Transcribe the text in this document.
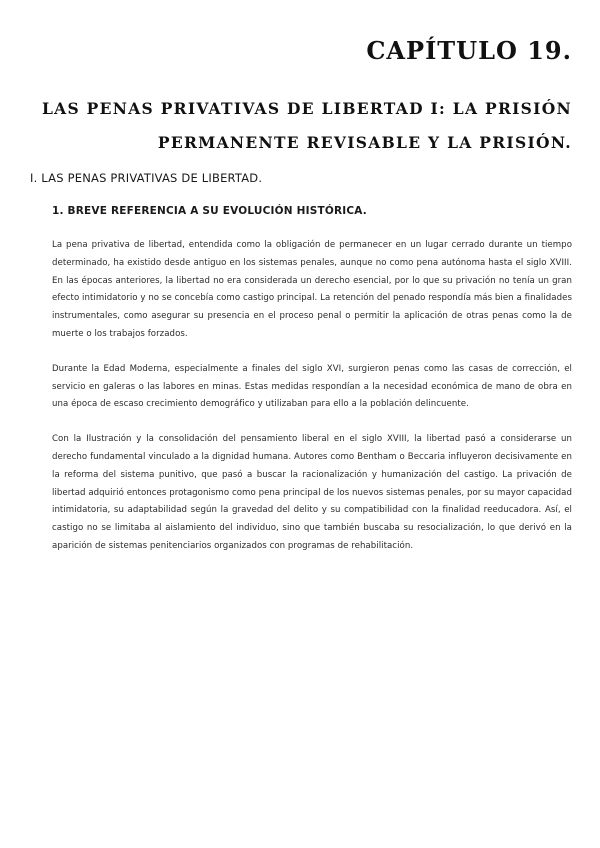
CAPÍTULO 19.
LAS PENAS PRIVATIVAS DE LIBERTAD I: LA PRISIÓN PERMANENTE REVISABLE Y LA PRISIÓN.
I. LAS PENAS PRIVATIVAS DE LIBERTAD.
1. BREVE REFERENCIA A SU EVOLUCIÓN HISTÓRICA.

La pena privativa de libertad, entendida como la obligación de permanecer en un lugar cerrado durante un tiempo determinado, ha existido desde antiguo en los sistemas penales, aunque no como pena autónoma hasta el siglo XVIII. En las épocas anteriores, la libertad no era considerada un derecho esencial, por lo que su privación no tenía un gran efecto intimidatorio y no se concebía como castigo principal. La retención del penado respondía más bien a finalidades instrumentales, como asegurar su presencia en el proceso penal o permitir la aplicación de otras penas como la de muerte o los trabajos forzados.

Durante la Edad Moderna, especialmente a finales del siglo XVI, surgieron penas como las casas de corrección, el servicio en galeras o las labores en minas. Estas medidas respondían a la necesidad económica de mano de obra en una época de escaso crecimiento demográfico y utilizaban para ello a la población delincuente.

Con la Ilustración y la consolidación del pensamiento liberal en el siglo XVIII, la libertad pasó a considerarse un derecho fundamental vinculado a la dignidad humana. Autores como Bentham o Beccaria influyeron decisivamente en la reforma del sistema punitivo, que pasó a buscar la racionalización y humanización del castigo. La privación de libertad adquirió entonces protagonismo como pena principal de los nuevos sistemas penales, por su mayor capacidad intimidatoria, su adaptabilidad según la gravedad del delito y su compatibilidad con la finalidad reeducadora. Así, el castigo no se limitaba al aislamiento del individuo, sino que también buscaba su resocialización, lo que derivó en la aparición de sistemas penitenciarios organizados con programas de rehabilitación.
